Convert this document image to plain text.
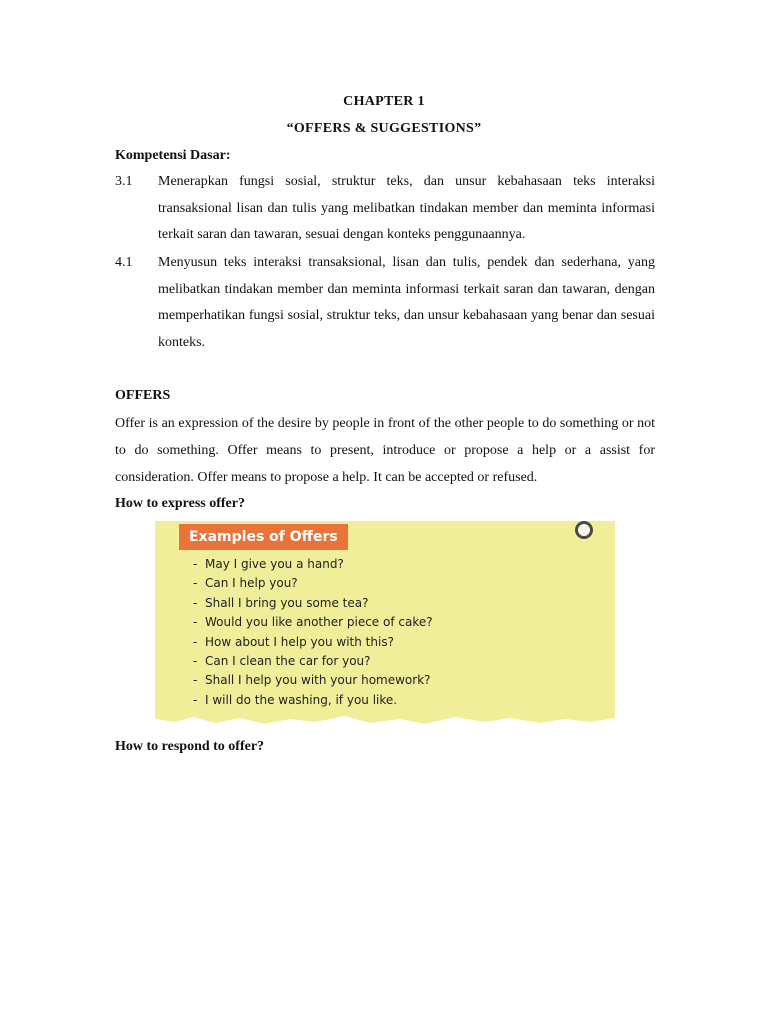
CHAPTER 1
“OFFERS & SUGGESTIONS”
Kompetensi Dasar:
3.1 Menerapkan fungsi sosial, struktur teks, dan unsur kebahasaan teks interaksi transaksional lisan dan tulis yang melibatkan tindakan member dan meminta informasi terkait saran dan tawaran, sesuai dengan konteks penggunaannya.
4.1 Menyusun teks interaksi transaksional, lisan dan tulis, pendek dan sederhana, yang melibatkan tindakan member dan meminta informasi terkait saran dan tawaran, dengan memperhatikan fungsi sosial, struktur teks, dan unsur kebahasaan yang benar dan sesuai konteks.
OFFERS
Offer is an expression of the desire by people in front of the other people to do something or not to do something. Offer means to present, introduce or propose a help or a assist for consideration. Offer means to propose a help. It can be accepted or refused.
How to express offer?
Examples of Offers
- May I give you a hand?
- Can I help you?
- Shall I bring you some tea?
- Would you like another piece of cake?
- How about I help you with this?
- Can I clean the car for you?
- Shall I help you with your homework?
- I will do the washing, if you like.
How to respond to offer?
